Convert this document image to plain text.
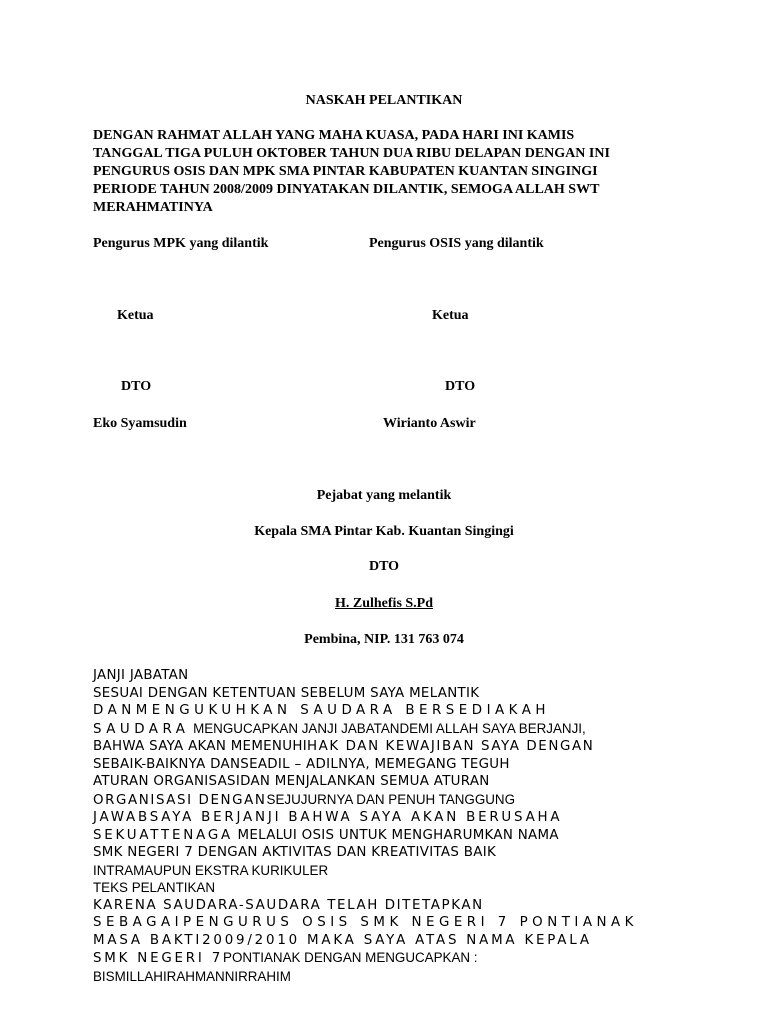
NASKAH PELANTIKAN
DENGAN RAHMAT ALLAH YANG MAHA KUASA, PADA HARI INI KAMIS
TANGGAL TIGA PULUH OKTOBER TAHUN DUA RIBU DELAPAN DENGAN INI
PENGURUS OSIS DAN MPK SMA PINTAR KABUPATEN KUANTAN SINGINGI
PERIODE TAHUN 2008/2009 DINYATAKAN DILANTIK, SEMOGA ALLAH SWT
MERAHMATINYA
Pengurus MPK yang dilantik
Ketua
DTO
Eko Syamsudin
Pengurus OSIS yang dilantik
Ketua
DTO
Wirianto Aswir
Pejabat yang melantik
Kepala SMA Pintar Kab. Kuantan Singingi
DTO
H. Zulhefis S.Pd
Pembina, NIP. 131 763 074
JANJI JABATAN
SESUAI DENGAN KETENTUAN SEBELUM SAYA MELANTIK
DANMENGUKUHKAN SAUDARA BERSEDIAKAH
SAUDARA MENGUCAPKAN JANJI JABATANDEMI ALLAH SAYA BERJANJI,
BAHWA SAYA AKAN MEMENUHIHAK DAN KEWAJIBAN SAYA DENGAN
SEBAIK-BAIKNYA DANSEADIL – ADILNYA, MEMEGANG TEGUH
ATURAN ORGANISASIDAN MENJALANKAN SEMUA ATURAN
ORGANISASI DENGANSEJUJURNYA DAN PENUH TANGGUNG
JAWABSAYA BERJANJI BAHWA SAYA AKAN BERUSAHA
SEKUATTENAGA MELALUI OSIS UNTUK MENGHARUMKAN NAMA
SMK NEGERI 7 DENGAN AKTIVITAS DAN KREATIVITAS BAIK
INTRAMAUPUN EKSTRA KURIKULER
TEKS PELANTIKAN
KARENA SAUDARA-SAUDARA TELAH DITETAPKAN
SEBAGAIPENGURUS OSIS SMK NEGERI 7 PONTIANAK
MASA BAKTI2009/2010 MAKA SAYA ATAS NAMA KEPALA
SMK NEGERI 7PONTIANAK DENGAN MENGUCAPKAN :
BISMILLAHIRAHMANNIRRAHIM
